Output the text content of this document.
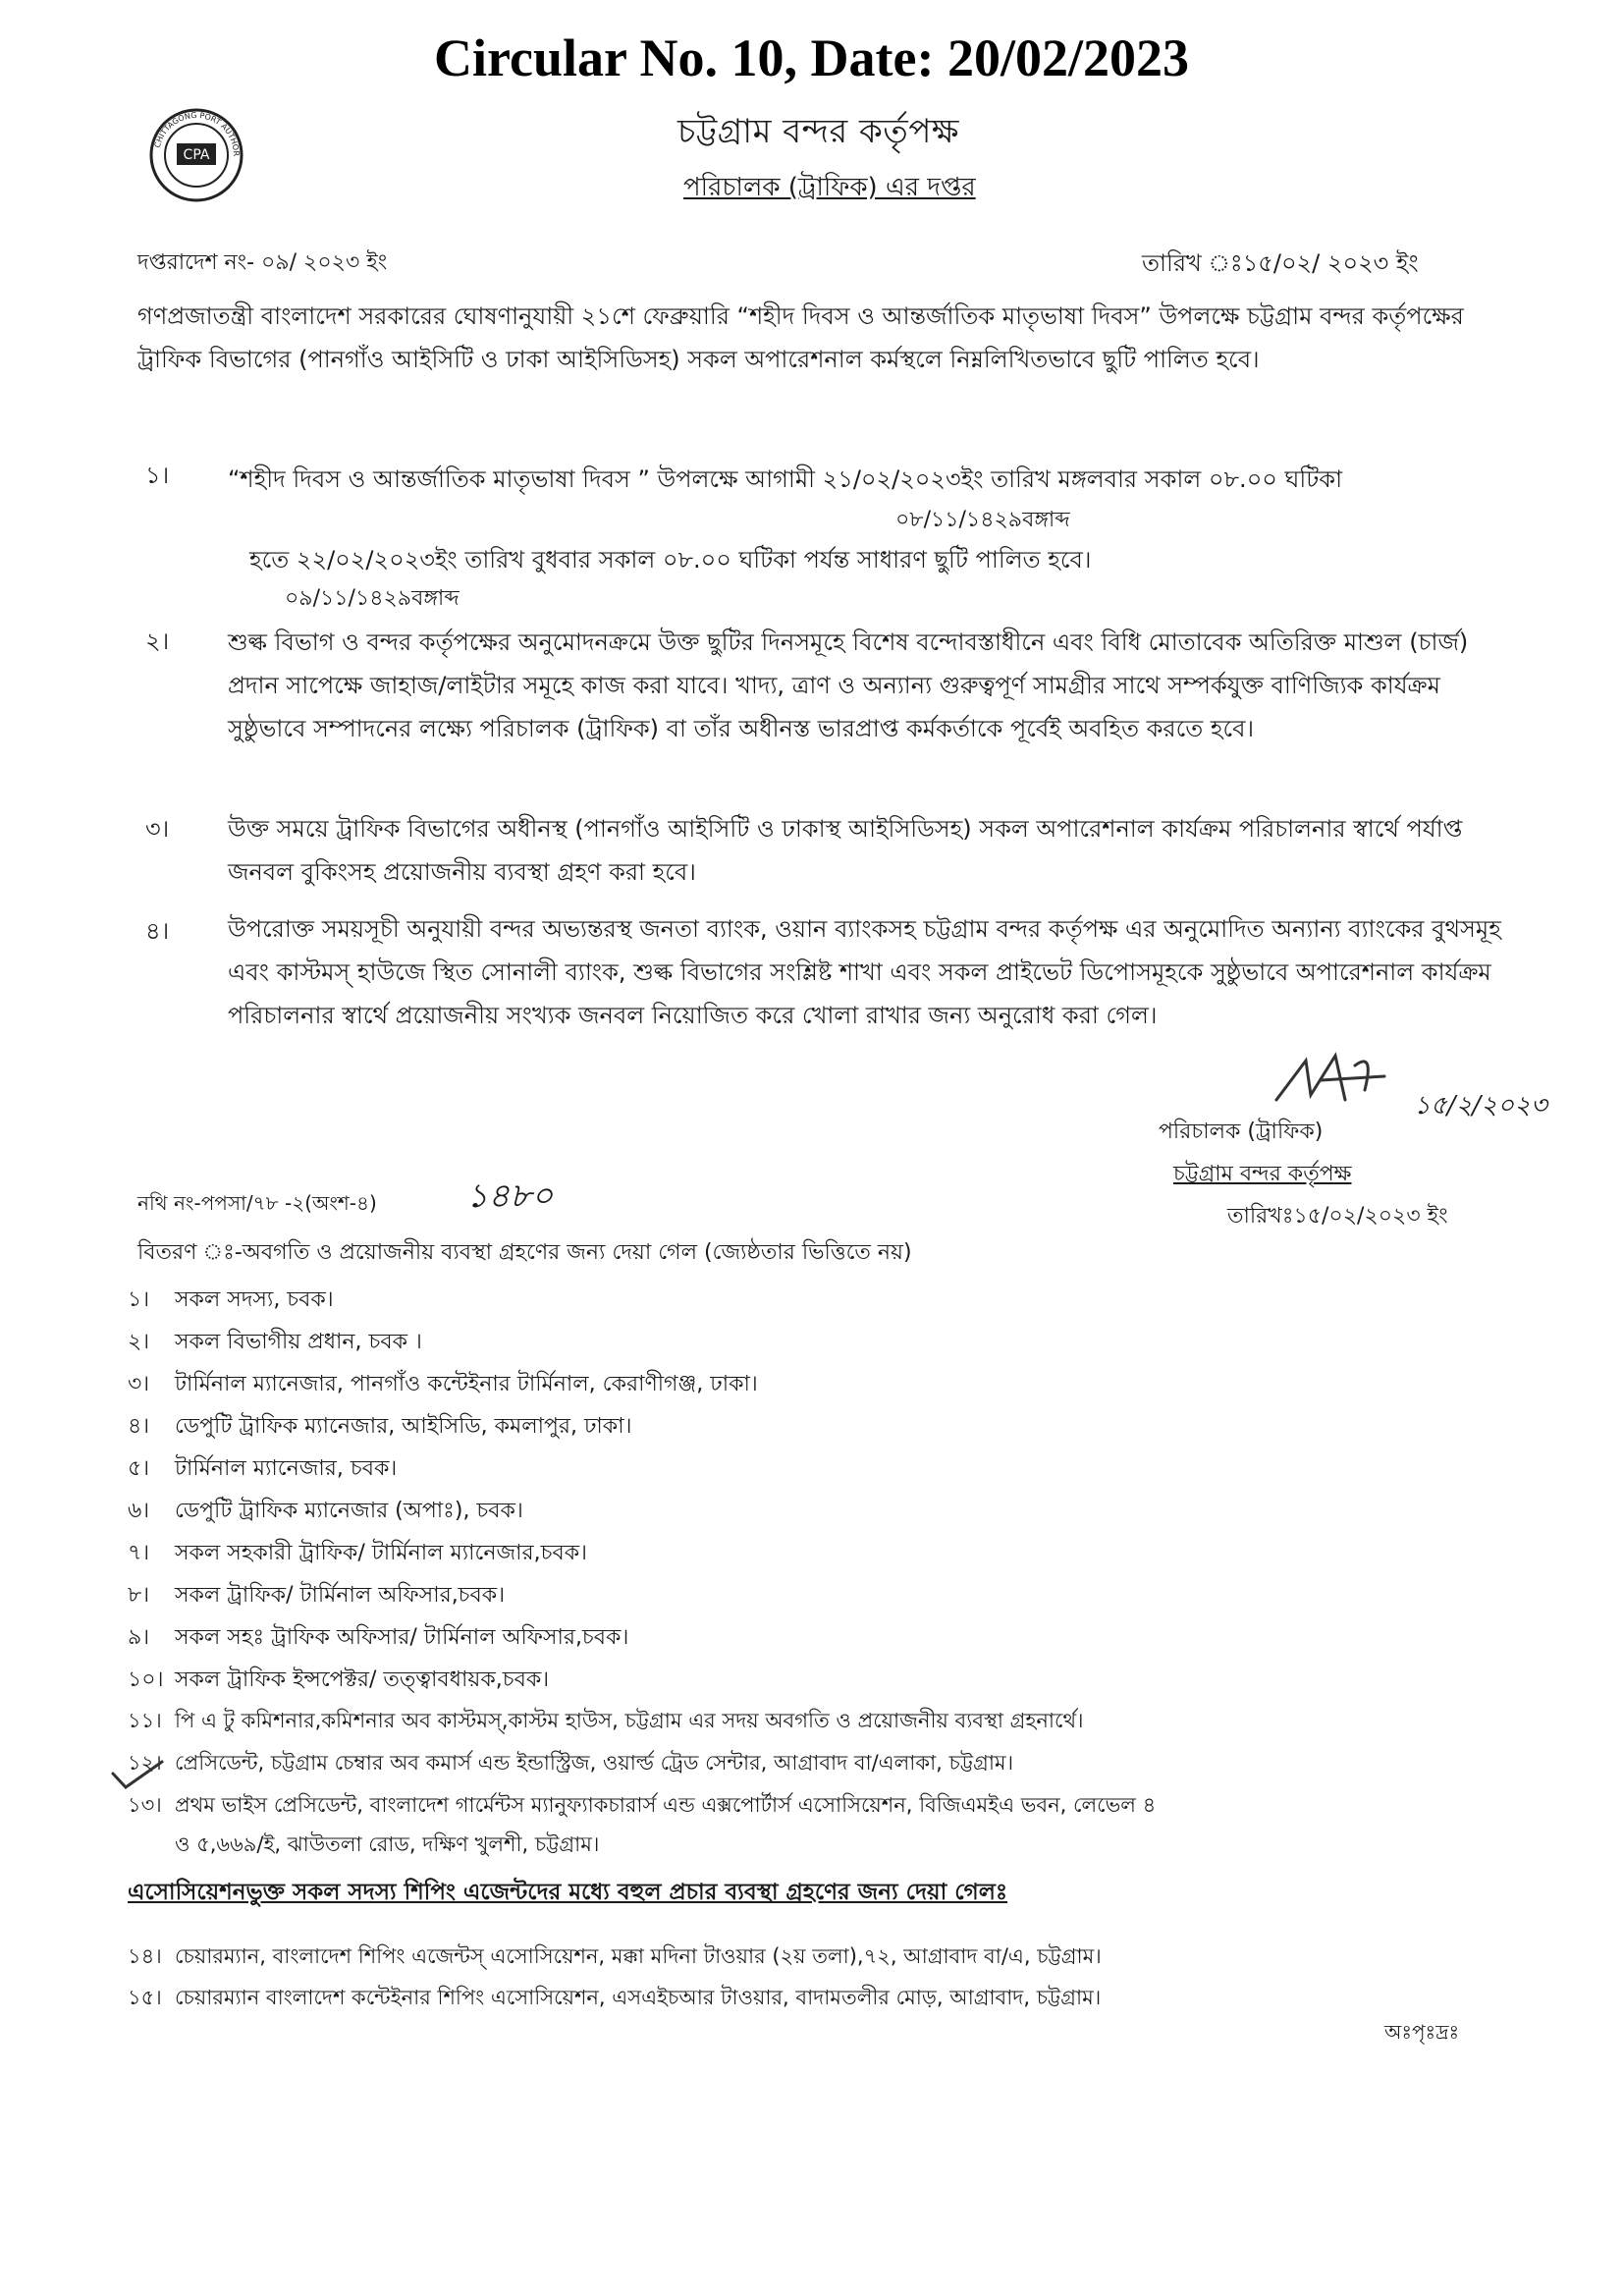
Circular No. 10, Date: 20/02/2023
CPA
CHITTAGONG PORT AUTHOR
চট্টগ্রাম বন্দর কর্তৃপক্ষ
পরিচালক (ট্রাফিক) এর দপ্তর
দপ্তরাদেশ নং- ০৯/ ২০২৩ ইং	তারিখ ঃ১৫/০২/ ২০২৩ ইং
গণপ্রজাতন্ত্রী বাংলাদেশ সরকারের ঘোষণানুযায়ী ২১শে ফেব্রুয়ারি “শহীদ দিবস ও আন্তর্জাতিক মাতৃভাষা দিবস” উপলক্ষে চট্টগ্রাম বন্দর কর্তৃপক্ষের ট্রাফিক বিভাগের (পানগাঁও আইসিটি ও ঢাকা আইসিডিসহ) সকল অপারেশনাল কর্মস্থলে নিম্নলিখিতভাবে ছুটি পালিত হবে।
১। “শহীদ দিবস ও আন্তর্জাতিক মাতৃভাষা দিবস ” উপলক্ষে আগামী ২১/০২/২০২৩ইং তারিখ মঙ্গলবার সকাল ০৮.০০ ঘটিকা
০৮/১১/১৪২৯বঙ্গাব্দ
হতে ২২/০২/২০২৩ইং তারিখ বুধবার সকাল ০৮.০০ ঘটিকা পর্যন্ত সাধারণ ছুটি পালিত হবে।
০৯/১১/১৪২৯বঙ্গাব্দ
২। শুল্ক বিভাগ ও বন্দর কর্তৃপক্ষের অনুমোদনক্রমে উক্ত ছুটির দিনসমূহে বিশেষ বন্দোবস্তাধীনে এবং বিধি মোতাবেক অতিরিক্ত মাশুল (চার্জ) প্রদান সাপেক্ষে জাহাজ/লাইটার সমূহে কাজ করা যাবে। খাদ্য, ত্রাণ ও অন্যান্য গুরুত্বপূর্ণ সামগ্রীর সাথে সম্পর্কযুক্ত বাণিজ্যিক কার্যক্রম সুষ্ঠুভাবে সম্পাদনের লক্ষ্যে পরিচালক (ট্রাফিক) বা তাঁর অধীনস্ত ভারপ্রাপ্ত কর্মকর্তাকে পূর্বেই অবহিত করতে হবে।
৩। উক্ত সময়ে ট্রাফিক বিভাগের অধীনস্থ (পানগাঁও আইসিটি ও ঢাকাস্থ আইসিডিসহ) সকল অপারেশনাল কার্যক্রম পরিচালনার স্বার্থে পর্যাপ্ত জনবল বুকিংসহ প্রয়োজনীয় ব্যবস্থা গ্রহণ করা হবে।
৪। উপরোক্ত সময়সূচী অনুযায়ী বন্দর অভ্যন্তরস্থ জনতা ব্যাংক, ওয়ান ব্যাংকসহ চট্টগ্রাম বন্দর কর্তৃপক্ষ এর অনুমোদিত অন্যান্য ব্যাংকের বুথসমূহ এবং কাস্টমস্ হাউজে স্থিত সোনালী ব্যাংক, শুল্ক বিভাগের সংশ্লিষ্ট শাখা এবং সকল প্রাইভেট ডিপোসমূহকে সুষ্ঠুভাবে অপারেশনাল কার্যক্রম পরিচালনার স্বার্থে প্রয়োজনীয় সংখ্যক জনবল নিয়োজিত করে খোলা রাখার জন্য অনুরোধ করা গেল।
১৫/২/২০২৩
পরিচালক (ট্রাফিক)
চট্টগ্রাম বন্দর কর্তৃপক্ষ
তারিখঃ১৫/০২/২০২৩ ইং
নথি নং-পপসা/৭৮ -২(অংশ-৪)	১৪৮০
বিতরণ ঃ-অবগতি ও প্রয়োজনীয় ব্যবস্থা গ্রহণের জন্য দেয়া গেল (জ্যেষ্ঠতার ভিত্তিতে নয়)
১। সকল সদস্য, চবক।
২। সকল বিভাগীয় প্রধান, চবক ।
৩। টার্মিনাল ম্যানেজার, পানগাঁও কন্টেইনার টার্মিনাল, কেরাণীগঞ্জ, ঢাকা।
৪। ডেপুটি ট্রাফিক ম্যানেজার, আইসিডি, কমলাপুর, ঢাকা।
৫। টার্মিনাল ম্যানেজার, চবক।
৬। ডেপুটি ট্রাফিক ম্যানেজার (অপাঃ), চবক।
৭। সকল সহকারী ট্রাফিক/ টার্মিনাল ম্যানেজার,চবক।
৮। সকল ট্রাফিক/ টার্মিনাল অফিসার,চবক।
৯। সকল সহঃ ট্রাফিক অফিসার/ টার্মিনাল অফিসার,চবক।
১০। সকল ট্রাফিক ইন্সপেক্টর/ তত্ত্বাবধায়ক,চবক।
১১। পি এ টু কমিশনার,কমিশনার অব কাস্টমস্,কাস্টম হাউস, চট্টগ্রাম এর সদয় অবগতি ও প্রয়োজনীয় ব্যবস্থা গ্রহনার্থে।
১২। প্রেসিডেন্ট, চট্টগ্রাম চেম্বার অব কমার্স এন্ড ইন্ডাস্ট্রিজ, ওয়ার্ল্ড ট্রেড সেন্টার, আগ্রাবাদ বা/এলাকা, চট্টগ্রাম।
১৩। প্রথম ভাইস প্রেসিডেন্ট, বাংলাদেশ গার্মেন্টস ম্যানুফ্যাকচারার্স এন্ড এক্সপোর্টার্স এসোসিয়েশন, বিজিএমইএ ভবন, লেভেল ৪
ও ৫,৬৬৯/ই, ঝাউতলা রোড, দক্ষিণ খুলশী, চট্টগ্রাম।
এসোসিয়েশনভুক্ত সকল সদস্য শিপিং এজেন্টদের মধ্যে বহুল প্রচার ব্যবস্থা গ্রহণের জন্য দেয়া গেলঃ
১৪। চেয়ারম্যান, বাংলাদেশ শিপিং এজেন্টস্ এসোসিয়েশন, মক্কা মদিনা টাওয়ার (২য় তলা),৭২, আগ্রাবাদ বা/এ, চট্টগ্রাম।
১৫। চেয়ারম্যান বাংলাদেশ কন্টেইনার শিপিং এসোসিয়েশন, এসএইচআর টাওয়ার, বাদামতলীর মোড়, আগ্রাবাদ, চট্টগ্রাম।
অঃপৃঃদ্রঃ
